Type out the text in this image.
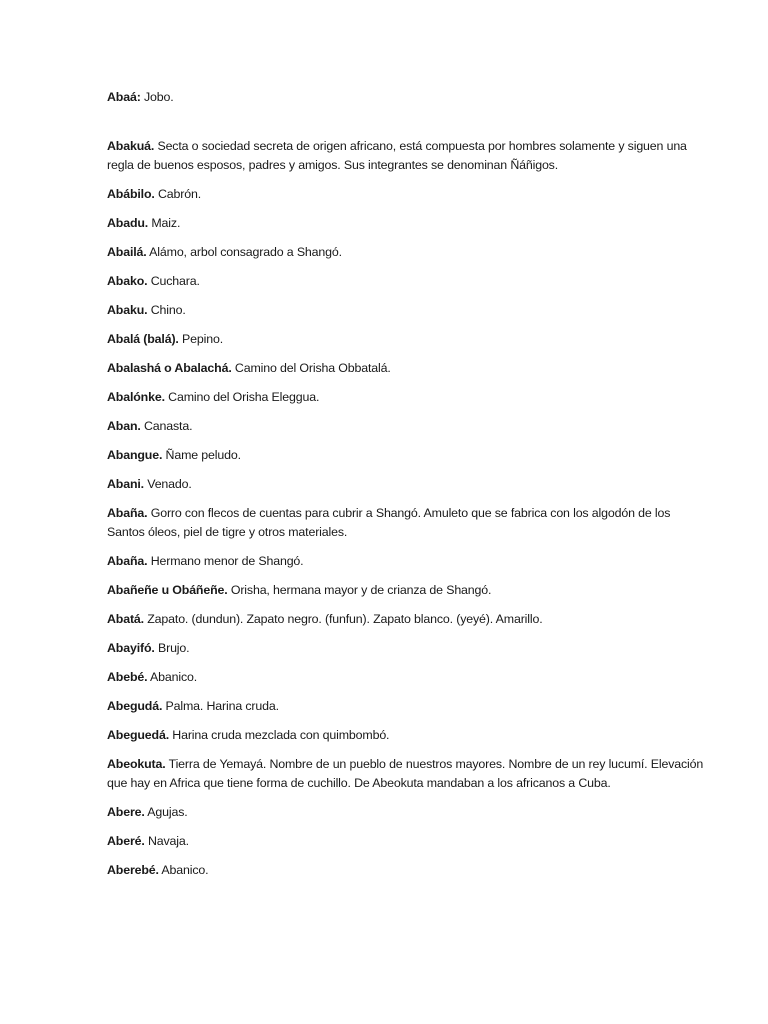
Abaá: Jobo.

Abakuá. Secta o sociedad secreta de origen africano, está compuesta por hombres solamente y siguen una regla de buenos esposos, padres y amigos. Sus integrantes se denominan Ñáñigos.

Abábilo. Cabrón.

Abadu. Maiz.

Abailá. Alámo, arbol consagrado a Shangó.

Abako. Cuchara.

Abaku. Chino.

Abalá (balá). Pepino.

Abalashá o Abalachá. Camino del Orisha Obbatalá.

Abalónke. Camino del Orisha Eleggua.

Aban. Canasta.

Abangue. Ñame peludo.

Abani. Venado.

Abaña. Gorro con flecos de cuentas para cubrir a Shangó. Amuleto que se fabrica con los algodón de los Santos óleos, piel de tigre y otros materiales.

Abaña. Hermano menor de Shangó.

Abañeñe u Obáñeñe. Orisha, hermana mayor y de crianza de Shangó.

Abatá. Zapato. (dundun). Zapato negro. (funfun). Zapato blanco. (yeyé). Amarillo.

Abayifó. Brujo.

Abebé. Abanico.

Abegudá. Palma. Harina cruda.

Abeguedá. Harina cruda mezclada con quimbombó.

Abeokuta. Tierra de Yemayá. Nombre de un pueblo de nuestros mayores. Nombre de un rey lucumí. Elevación que hay en Africa que tiene forma de cuchillo. De Abeokuta mandaban a los africanos a Cuba.

Abere. Agujas.

Aberé. Navaja.

Aberebé. Abanico.
